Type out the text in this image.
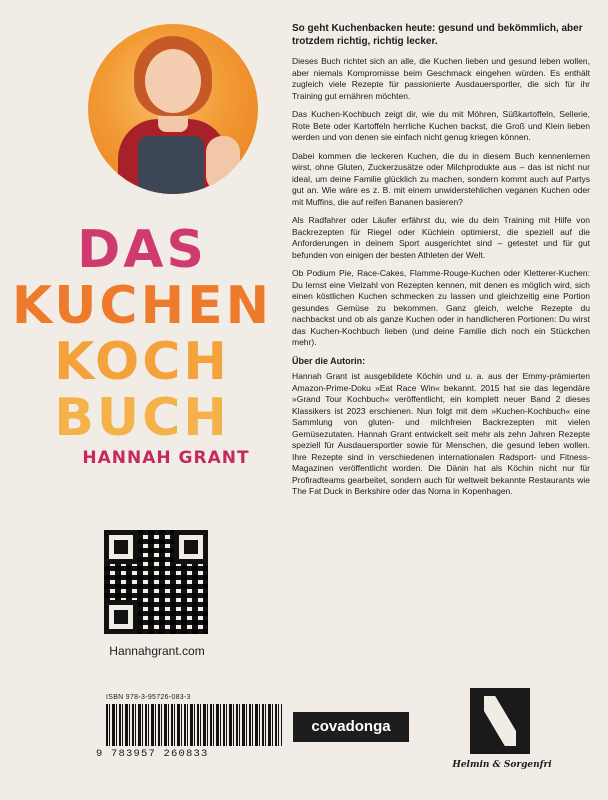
DAS
KUCHEN
KOCH
BUCH
HANNAH GRANT
Hannahgrant.com
ISBN 978-3-95726-083-3
9 783957 260833

So geht Kuchenbacken heute: gesund und bekömmlich, aber trotzdem richtig, richtig lecker.

Dieses Buch richtet sich an alle, die Kuchen lieben und gesund leben wollen, aber niemals Kompromisse beim Geschmack eingehen würden. Es enthält zugleich viele Rezepte für passionierte Ausdauersportler, die sich für ihr Training gut ernähren möchten.

Das Kuchen-Kochbuch zeigt dir, wie du mit Möhren, Süßkartoffeln, Sellerie, Rote Bete oder Kartoffeln herrliche Kuchen backst, die Groß und Klein lieben werden und von denen sie einfach nicht genug kriegen können.

Dabei kommen die leckeren Kuchen, die du in diesem Buch kennenlernen wirst, ohne Gluten, Zuckerzusätze oder Milchprodukte aus – das ist nicht nur ideal, um deine Familie glücklich zu machen, sondern kommt auch auf Partys gut an. Wie wäre es z. B. mit einem unwiderstehlichen veganen Kuchen oder mit Muffins, die auf reifen Bananen basieren?

Als Radfahrer oder Läufer erfährst du, wie du dein Training mit Hilfe von Backrezepten für Riegel oder Küchlein optimierst, die speziell auf die Anforderungen in deinem Sport ausgerichtet sind – getestet und für gut befunden von einigen der besten Athleten der Welt.

Ob Podium Pie, Race-Cakes, Flamme-Rouge-Kuchen oder Kletterer-Kuchen: Du lernst eine Vielzahl von Rezepten kennen, mit denen es möglich wird, sich einen köstlichen Kuchen schmecken zu lassen und gleichzeitig eine Portion gesundes Gemüse zu bekommen. Ganz gleich, welche Rezepte du nachbackst und ob als ganze Kuchen oder in handlicheren Portionen: Du wirst das Kuchen-Kochbuch lieben (und deine Familie dich noch ein Stückchen mehr).

Über die Autorin:

Hannah Grant ist ausgebildete Köchin und u. a. aus der Emmy-prämierten Amazon-Prime-Doku »Eat Race Win« bekannt. 2015 hat sie das legendäre »Grand Tour Kochbuch« veröffentlicht, ein komplett neuer Band 2 dieses Klassikers ist 2023 erschienen. Nun folgt mit dem »Kuchen-Kochbuch« eine Sammlung von gluten- und milchfreien Backrezepten mit vielen Gemüsezutaten. Hannah Grant entwickelt seit mehr als zehn Jahren Rezepte speziell für Ausdauersportler sowie für Menschen, die gesund leben wollen. Ihre Rezepte sind in verschiedenen internationalen Radsport- und Fitness-Magazinen veröffentlicht worden. Die Dänin hat als Köchin nicht nur für Profiradteams gearbeitet, sondern auch für weltweit bekannte Restaurants wie The Fat Duck in Berkshire oder das Noma in Kopenhagen.

covadonga
Helmin & Sorgenfri
